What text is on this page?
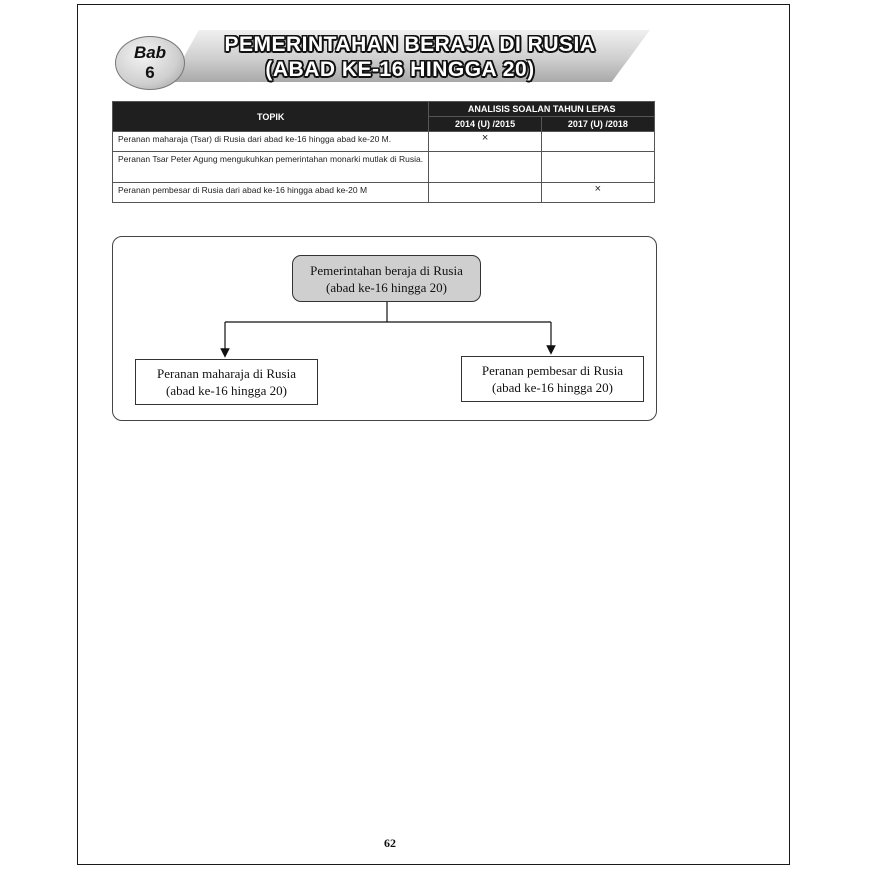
Bab
6
PEMERINTAHAN BERAJA DI RUSIA
(ABAD KE-16 HINGGA 20)
TOPIK	ANALISIS SOALAN TAHUN LEPAS	
	2014 (U) /2015	2017 (U) /2018
Peranan maharaja (Tsar) di Rusia dari abad ke-16 hingga abad ke-20 M.	×	
Peranan Tsar Peter Agung mengukuhkan pemerintahan monarki mutlak di Rusia.		
Peranan pembesar di Rusia dari abad ke-16 hingga abad ke-20 M		×
Pemerintahan beraja di Rusia
(abad ke-16 hingga 20)
Peranan maharaja di Rusia
(abad ke-16 hingga 20)
Peranan pembesar di Rusia
(abad ke-16 hingga 20)
62
